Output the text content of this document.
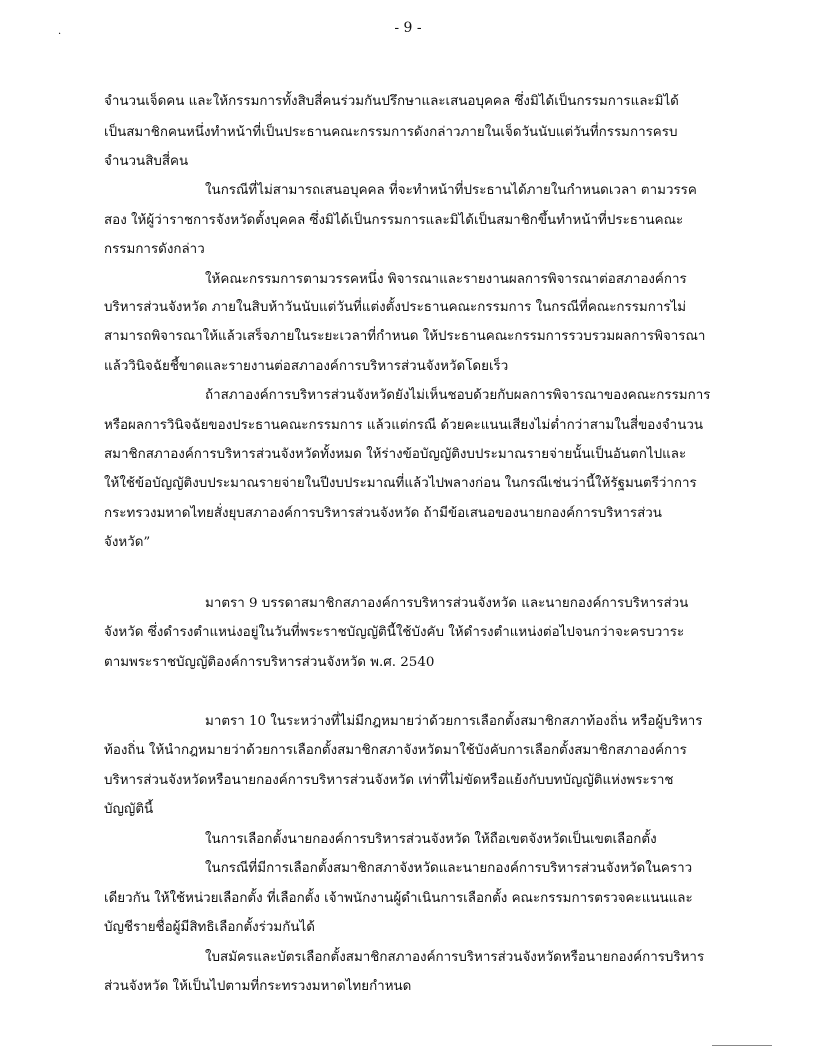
- 9 -
·
จำนวนเจ็ดคน และให้กรรมการทั้งสิบสี่คนร่วมกันปรึกษาและเสนอบุคคล ซึ่งมิได้เป็นกรรมการและมิได้
เป็นสมาชิกคนหนึ่งทำหน้าที่เป็นประธานคณะกรรมการดังกล่าวภายในเจ็ดวันนับแต่วันที่กรรมการครบ
จำนวนสิบสี่คน
ในกรณีที่ไม่สามารถเสนอบุคคล ที่จะทำหน้าที่ประธานได้ภายในกำหนดเวลา ตามวรรค
สอง ให้ผู้ว่าราชการจังหวัดตั้งบุคคล ซึ่งมิได้เป็นกรรมการและมิได้เป็นสมาชิกขึ้นทำหน้าที่ประธานคณะ
กรรมการดังกล่าว
ให้คณะกรรมการตามวรรคหนึ่ง พิจารณาและรายงานผลการพิจารณาต่อสภาองค์การ
บริหารส่วนจังหวัด ภายในสิบห้าวันนับแต่วันที่แต่งตั้งประธานคณะกรรมการ ในกรณีที่คณะกรรมการไม่
สามารถพิจารณาให้แล้วเสร็จภายในระยะเวลาที่กำหนด ให้ประธานคณะกรรมการรวบรวมผลการพิจารณา
แล้ววินิจฉัยชี้ขาดและรายงานต่อสภาองค์การบริหารส่วนจังหวัดโดยเร็ว
ถ้าสภาองค์การบริหารส่วนจังหวัดยังไม่เห็นชอบด้วยกับผลการพิจารณาของคณะกรรมการ
หรือผลการวินิจฉัยของประธานคณะกรรมการ แล้วแต่กรณี ด้วยคะแนนเสียงไม่ต่ำกว่าสามในสี่ของจำนวน
สมาชิกสภาองค์การบริหารส่วนจังหวัดทั้งหมด ให้ร่างข้อบัญญัติงบประมาณรายจ่ายนั้นเป็นอันตกไปและ
ให้ใช้ข้อบัญญัติงบประมาณรายจ่ายในปีงบประมาณที่แล้วไปพลางก่อน ในกรณีเช่นว่านี้ให้รัฐมนตรีว่าการ
กระทรวงมหาดไทยสั่งยุบสภาองค์การบริหารส่วนจังหวัด ถ้ามีข้อเสนอของนายกองค์การบริหารส่วน
จังหวัด”
มาตรา 9 บรรดาสมาชิกสภาองค์การบริหารส่วนจังหวัด และนายกองค์การบริหารส่วน
จังหวัด ซึ่งดำรงตำแหน่งอยู่ในวันที่พระราชบัญญัตินี้ใช้บังคับ ให้ดำรงตำแหน่งต่อไปจนกว่าจะครบวาระ
ตามพระราชบัญญัติองค์การบริหารส่วนจังหวัด พ.ศ. 2540
มาตรา 10 ในระหว่างที่ไม่มีกฎหมายว่าด้วยการเลือกตั้งสมาชิกสภาท้องถิ่น หรือผู้บริหาร
ท้องถิ่น ให้นำกฎหมายว่าด้วยการเลือกตั้งสมาชิกสภาจังหวัดมาใช้บังคับการเลือกตั้งสมาชิกสภาองค์การ
บริหารส่วนจังหวัดหรือนายกองค์การบริหารส่วนจังหวัด เท่าที่ไม่ขัดหรือแย้งกับบทบัญญัติแห่งพระราช
บัญญัตินี้
ในการเลือกตั้งนายกองค์การบริหารส่วนจังหวัด ให้ถือเขตจังหวัดเป็นเขตเลือกตั้ง
ในกรณีที่มีการเลือกตั้งสมาชิกสภาจังหวัดและนายกองค์การบริหารส่วนจังหวัดในคราว
เดียวกัน ให้ใช้หน่วยเลือกตั้ง ที่เลือกตั้ง เจ้าพนักงานผู้ดำเนินการเลือกตั้ง คณะกรรมการตรวจคะแนนและ
บัญชีรายชื่อผู้มีสิทธิเลือกตั้งร่วมกันได้
ใบสมัครและบัตรเลือกตั้งสมาชิกสภาองค์การบริหารส่วนจังหวัดหรือนายกองค์การบริหาร
ส่วนจังหวัด ให้เป็นไปตามที่กระทรวงมหาดไทยกำหนด
